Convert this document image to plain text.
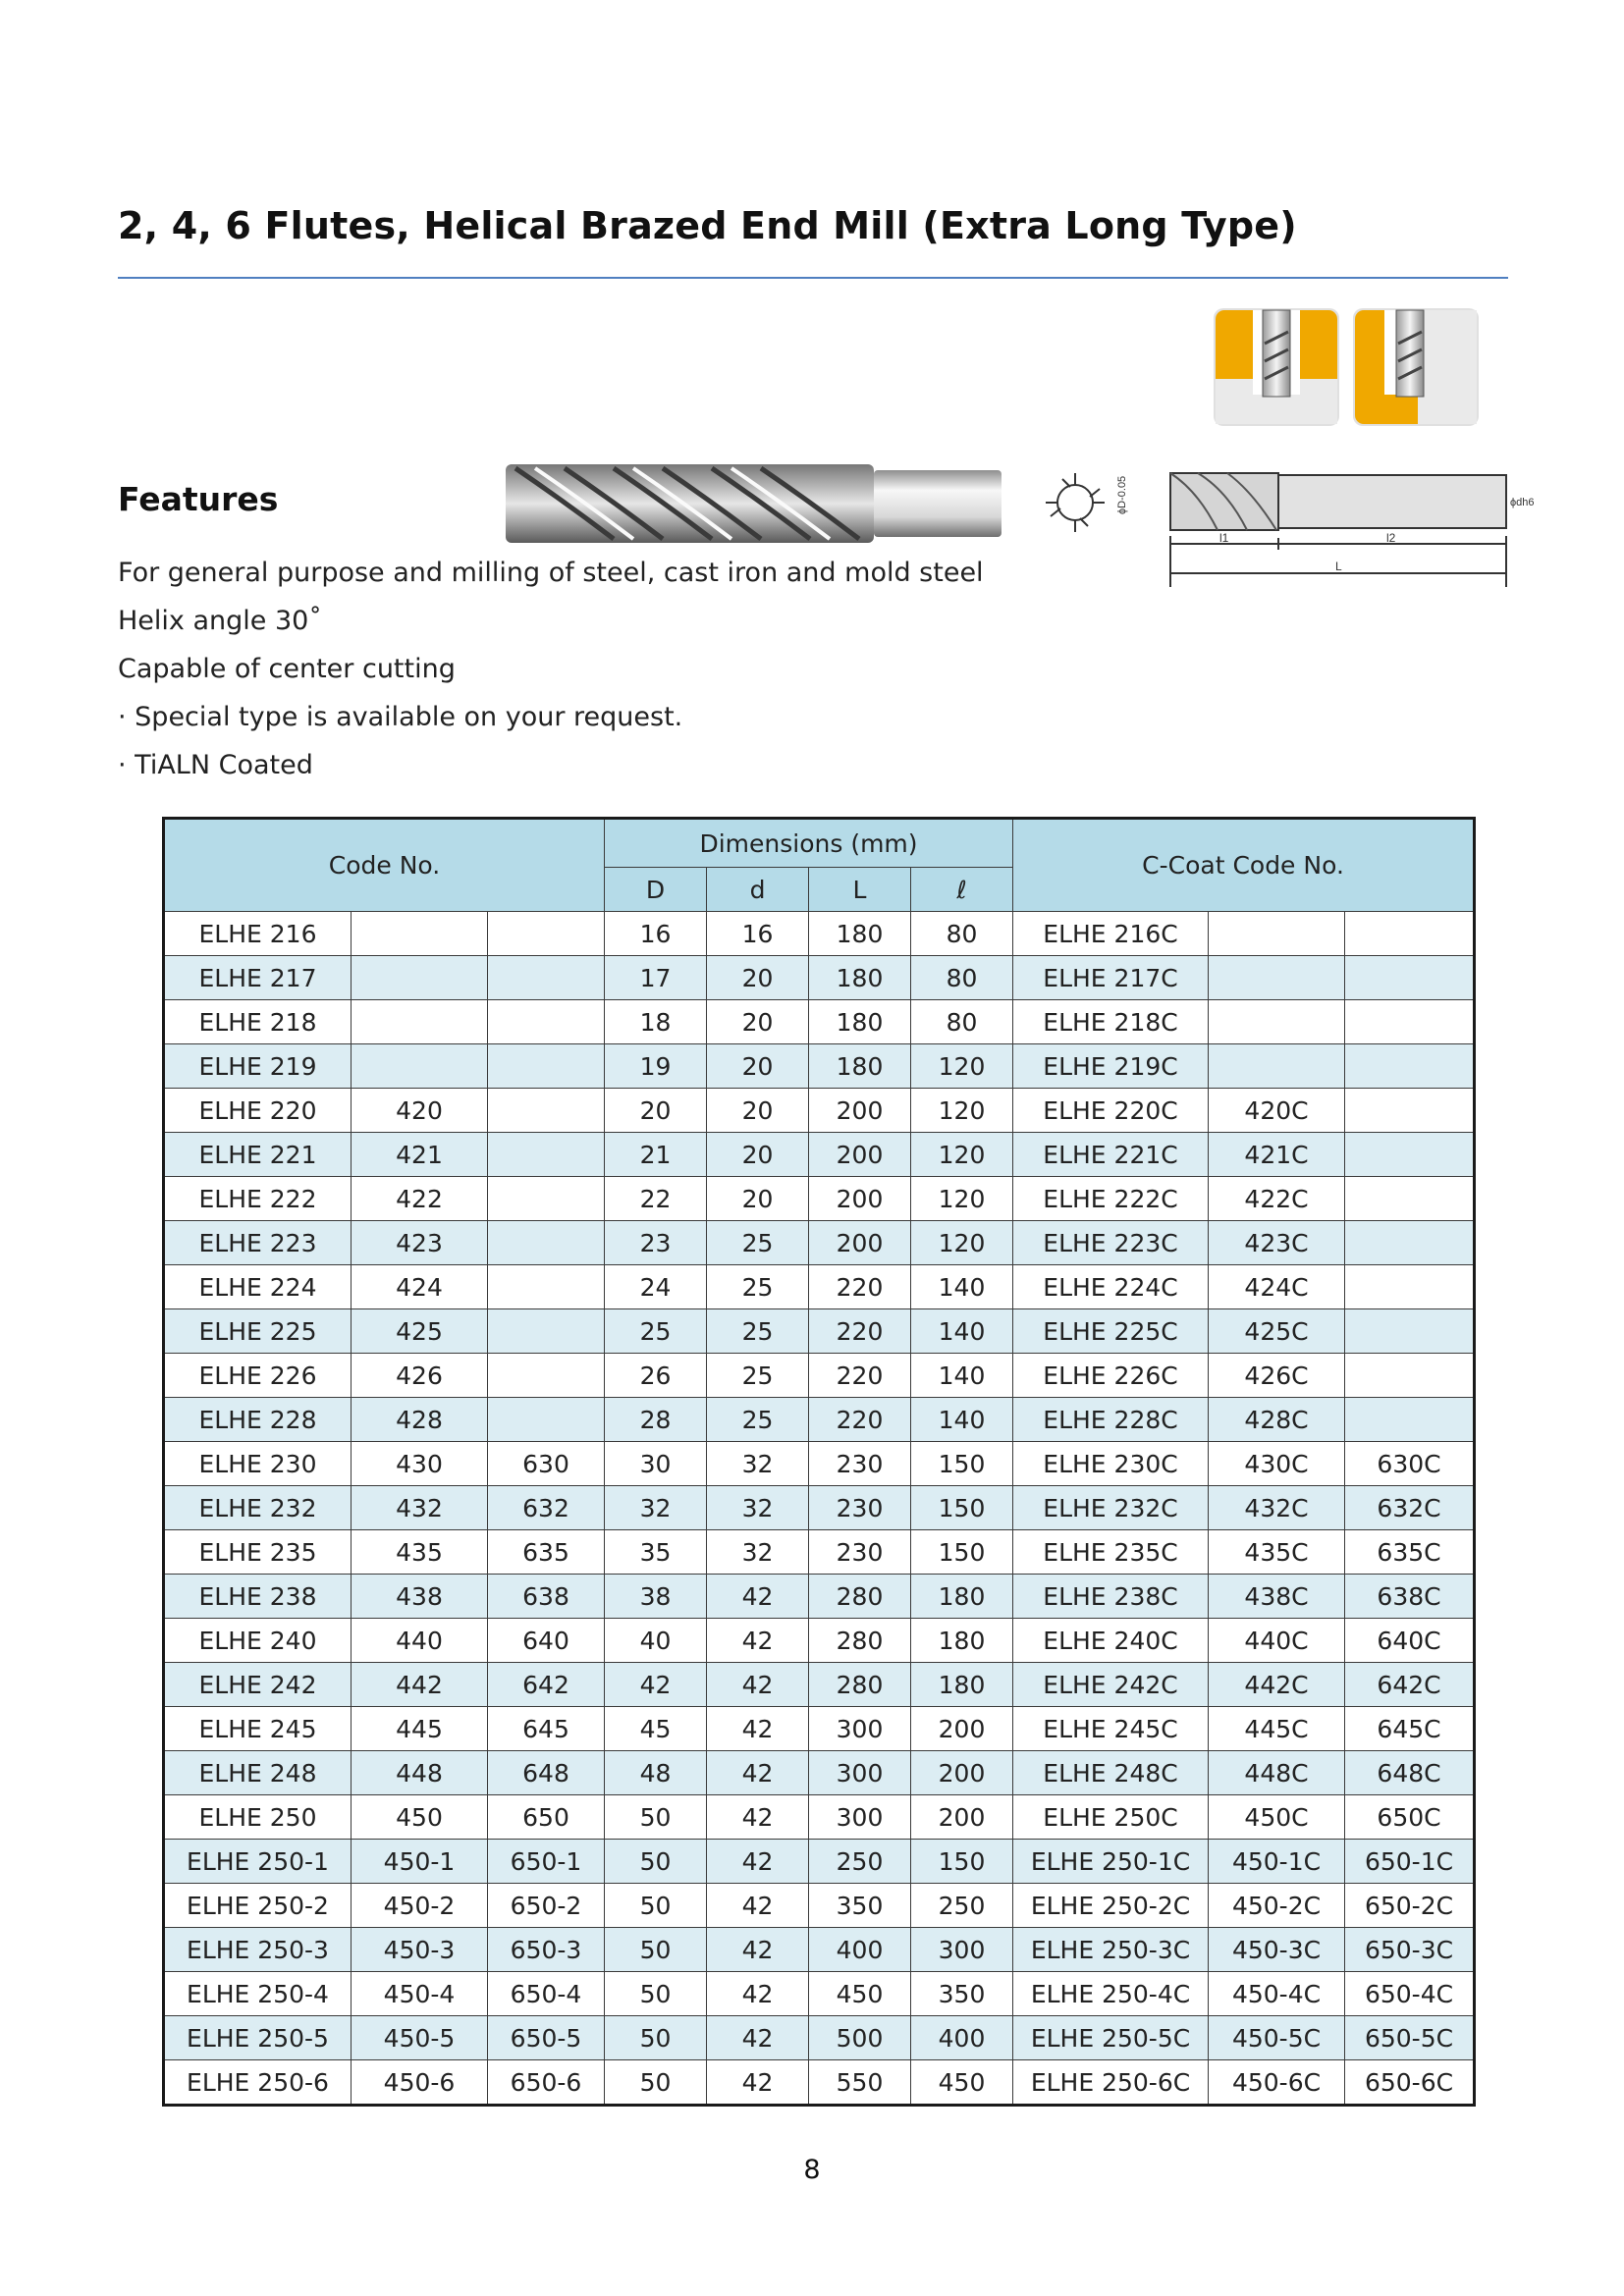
2, 4, 6 Flutes, Helical Brazed End Mill (Extra Long Type)
Features	ϕD-0.05
l1	l2
L
ϕdh6
For general purpose and milling of steel, cast iron and mold steel
Helix angle 30˚
Capable of center cutting
· Special type is available on your request.
· TiALN Coated
Code No.			Dimensions (mm)				C-Coat Code No.		
			D	d	L	ℓ			
ELHE 216			16	16	180	80	ELHE 216C		
ELHE 217			17	20	180	80	ELHE 217C		
ELHE 218			18	20	180	80	ELHE 218C		
ELHE 219			19	20	180	120	ELHE 219C		
ELHE 220	420		20	20	200	120	ELHE 220C	420C	
ELHE 221	421		21	20	200	120	ELHE 221C	421C	
ELHE 222	422		22	20	200	120	ELHE 222C	422C	
ELHE 223	423		23	25	200	120	ELHE 223C	423C	
ELHE 224	424		24	25	220	140	ELHE 224C	424C	
ELHE 225	425		25	25	220	140	ELHE 225C	425C	
ELHE 226	426		26	25	220	140	ELHE 226C	426C	
ELHE 228	428		28	25	220	140	ELHE 228C	428C	
ELHE 230	430	630	30	32	230	150	ELHE 230C	430C	630C
ELHE 232	432	632	32	32	230	150	ELHE 232C	432C	632C
ELHE 235	435	635	35	32	230	150	ELHE 235C	435C	635C
ELHE 238	438	638	38	42	280	180	ELHE 238C	438C	638C
ELHE 240	440	640	40	42	280	180	ELHE 240C	440C	640C
ELHE 242	442	642	42	42	280	180	ELHE 242C	442C	642C
ELHE 245	445	645	45	42	300	200	ELHE 245C	445C	645C
ELHE 248	448	648	48	42	300	200	ELHE 248C	448C	648C
ELHE 250	450	650	50	42	300	200	ELHE 250C	450C	650C
ELHE 250-1	450-1	650-1	50	42	250	150	ELHE 250-1C	450-1C	650-1C
ELHE 250-2	450-2	650-2	50	42	350	250	ELHE 250-2C	450-2C	650-2C
ELHE 250-3	450-3	650-3	50	42	400	300	ELHE 250-3C	450-3C	650-3C
ELHE 250-4	450-4	650-4	50	42	450	350	ELHE 250-4C	450-4C	650-4C
ELHE 250-5	450-5	650-5	50	42	500	400	ELHE 250-5C	450-5C	650-5C
ELHE 250-6	450-6	650-6	50	42	550	450	ELHE 250-6C	450-6C	650-6C
8
